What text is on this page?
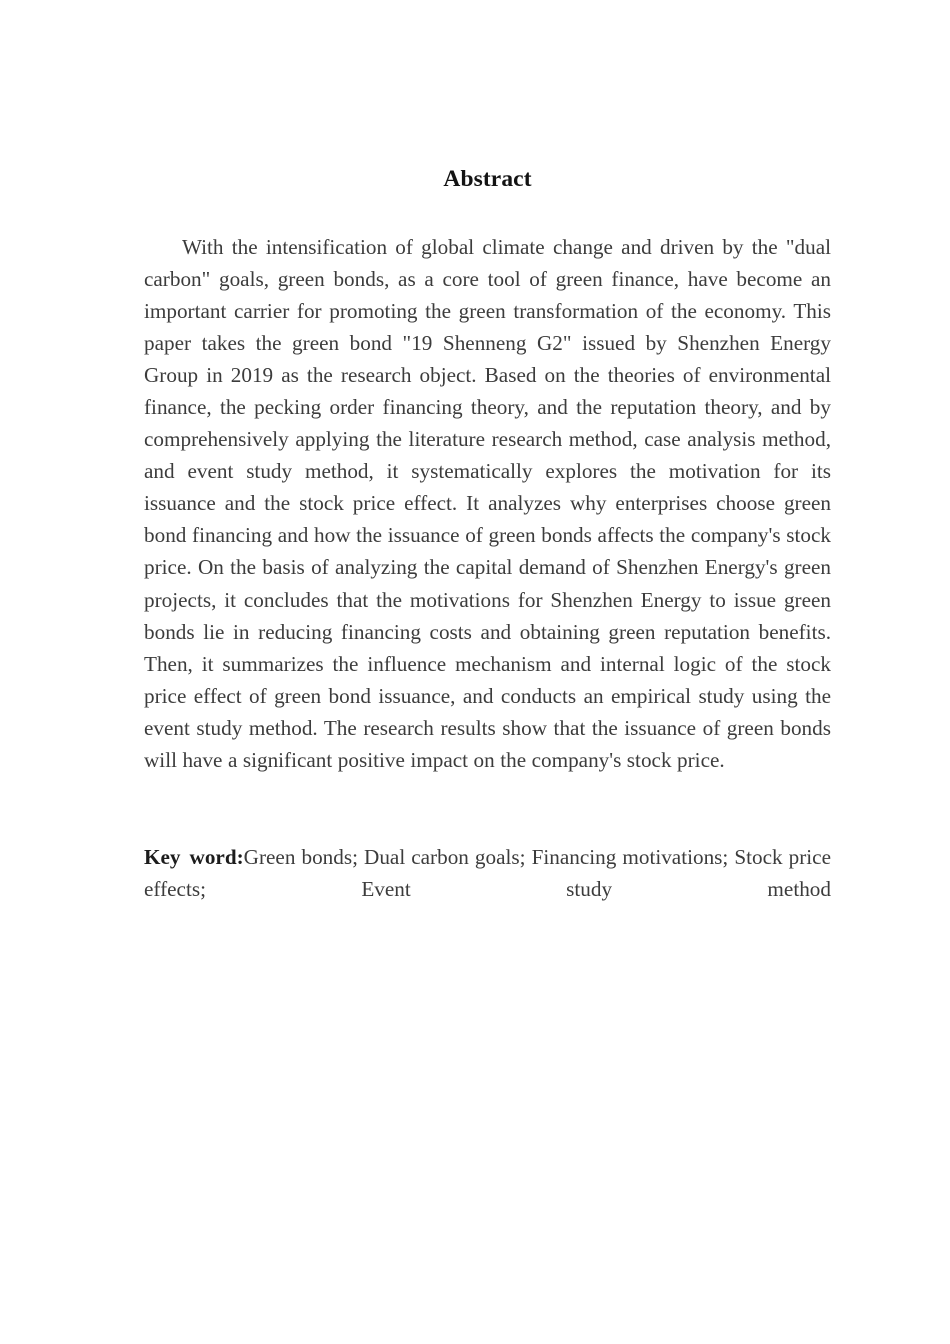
Abstract

With the intensification of global climate change and driven by the "dual carbon" goals, green bonds, as a core tool of green finance, have become an important carrier for promoting the green transformation of the economy. This paper takes the green bond "19 Shenneng G2" issued by Shenzhen Energy Group in 2019 as the research object. Based on the theories of environmental finance, the pecking order financing theory, and the reputation theory, and by comprehensively applying the literature research method, case analysis method, and event study method, it systematically explores the motivation for its issuance and the stock price effect. It analyzes why enterprises choose green bond financing and how the issuance of green bonds affects the company's stock price. On the basis of analyzing the capital demand of Shenzhen Energy's green projects, it concludes that the motivations for Shenzhen Energy to issue green bonds lie in reducing financing costs and obtaining green reputation benefits. Then, it summarizes the influence mechanism and internal logic of the stock price effect of green bond issuance, and conducts an empirical study using the event study method. The research results show that the issuance of green bonds will have a significant positive impact on the company's stock price.

Key word:Green bonds; Dual carbon goals; Financing motivations; Stock price effects; Event study method
